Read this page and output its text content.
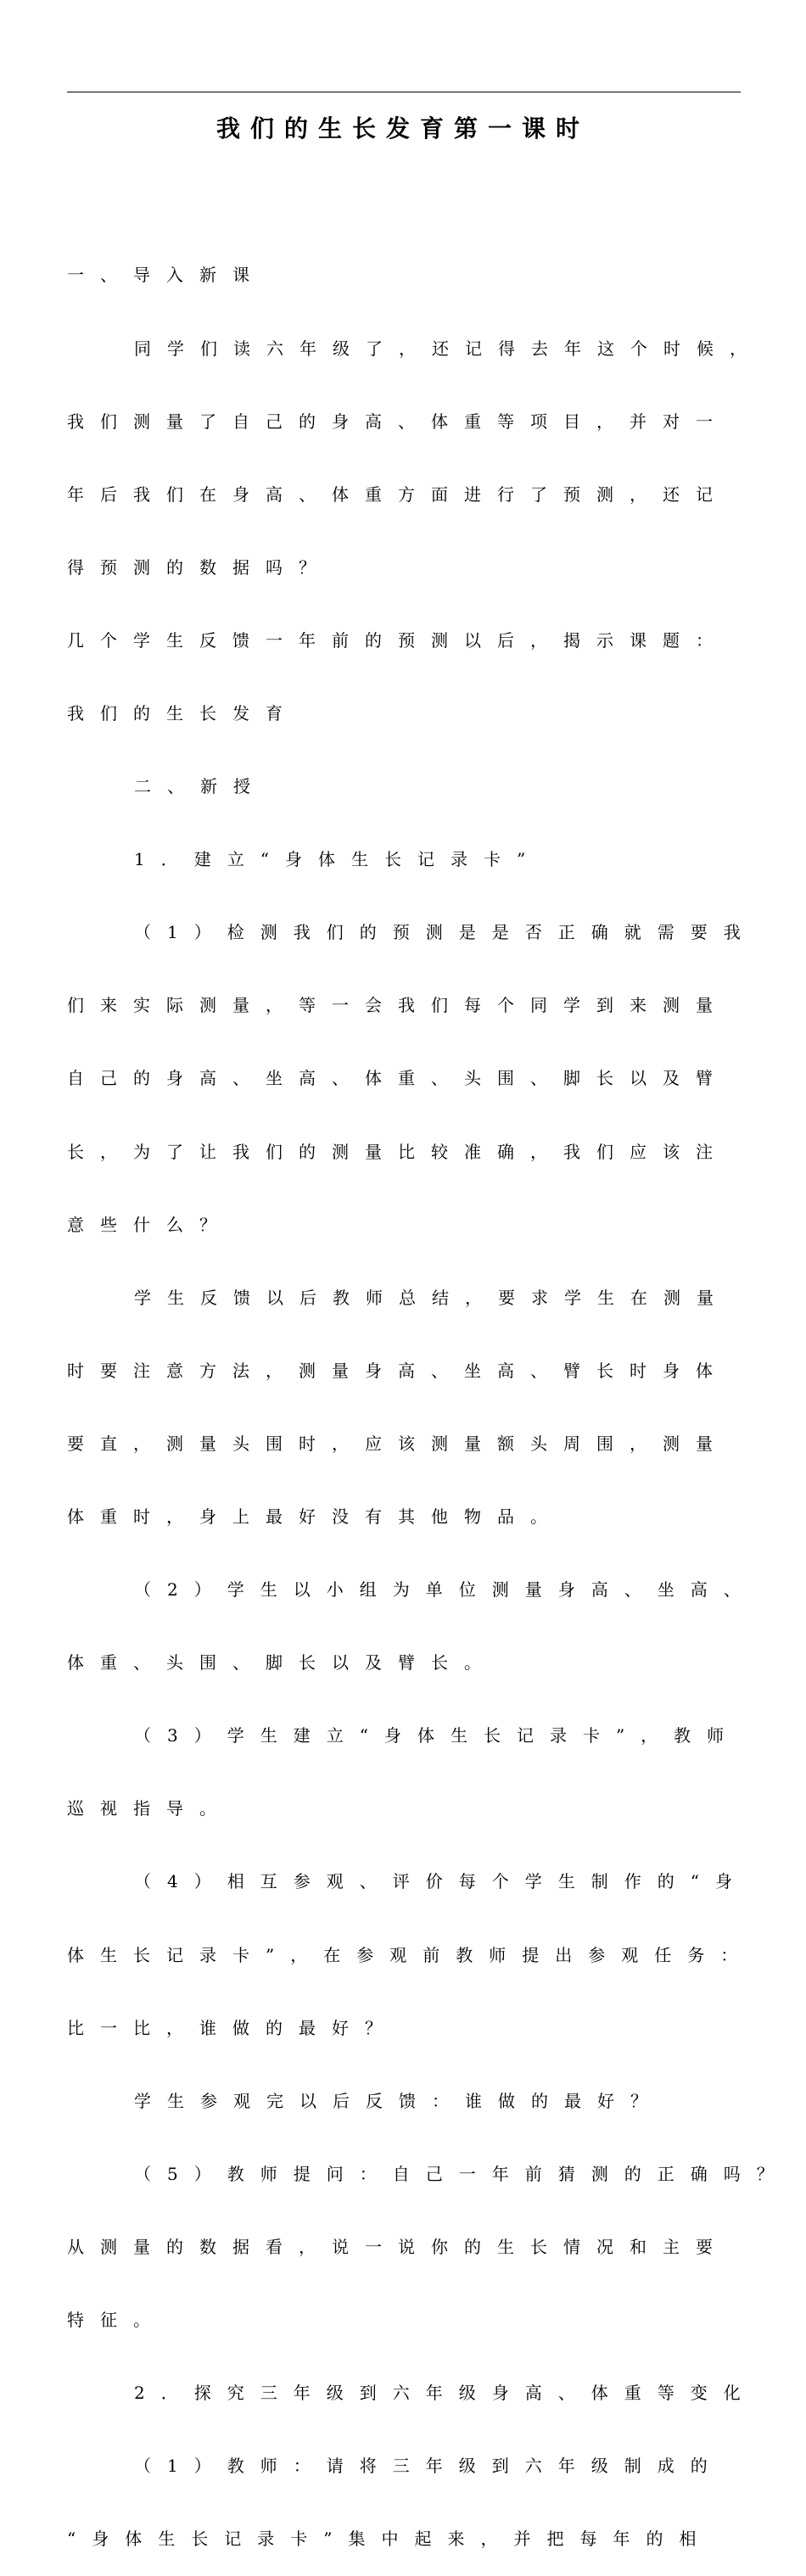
我们的生长发育第一课时

一、导入新课

同学们读六年级了，还记得去年这个时候，

我们测量了自己的身高、体重等项目，并对一

年后我们在身高、体重方面进行了预测，还记

得预测的数据吗？

几个学生反馈一年前的预测以后，揭示课题：

我们的生长发育

二、新授

1．建立“身体生长记录卡”

（1）检测我们的预测是是否正确就需要我

们来实际测量，等一会我们每个同学到来测量

自己的身高、坐高、体重、头围、脚长以及臂

长，为了让我们的测量比较准确，我们应该注

意些什么？

学生反馈以后教师总结，要求学生在测量

时要注意方法，测量身高、坐高、臂长时身体

要直，测量头围时，应该测量额头周围，测量

体重时，身上最好没有其他物品。

（2）学生以小组为单位测量身高、坐高、

体重、头围、脚长以及臂长。

（3）学生建立“身体生长记录卡”，教师

巡视指导。

（4）相互参观、评价每个学生制作的“身

体生长记录卡”，在参观前教师提出参观任务：

比一比，谁做的最好？

学生参观完以后反馈：谁做的最好？

（5）教师提问：自己一年前猜测的正确吗？

从测量的数据看，说一说你的生长情况和主要

特征。

2．探究三年级到六年级身高、体重等变化

（1）教师：请将三年级到六年级制成的

“身体生长记录卡”集中起来，并把每年的相
